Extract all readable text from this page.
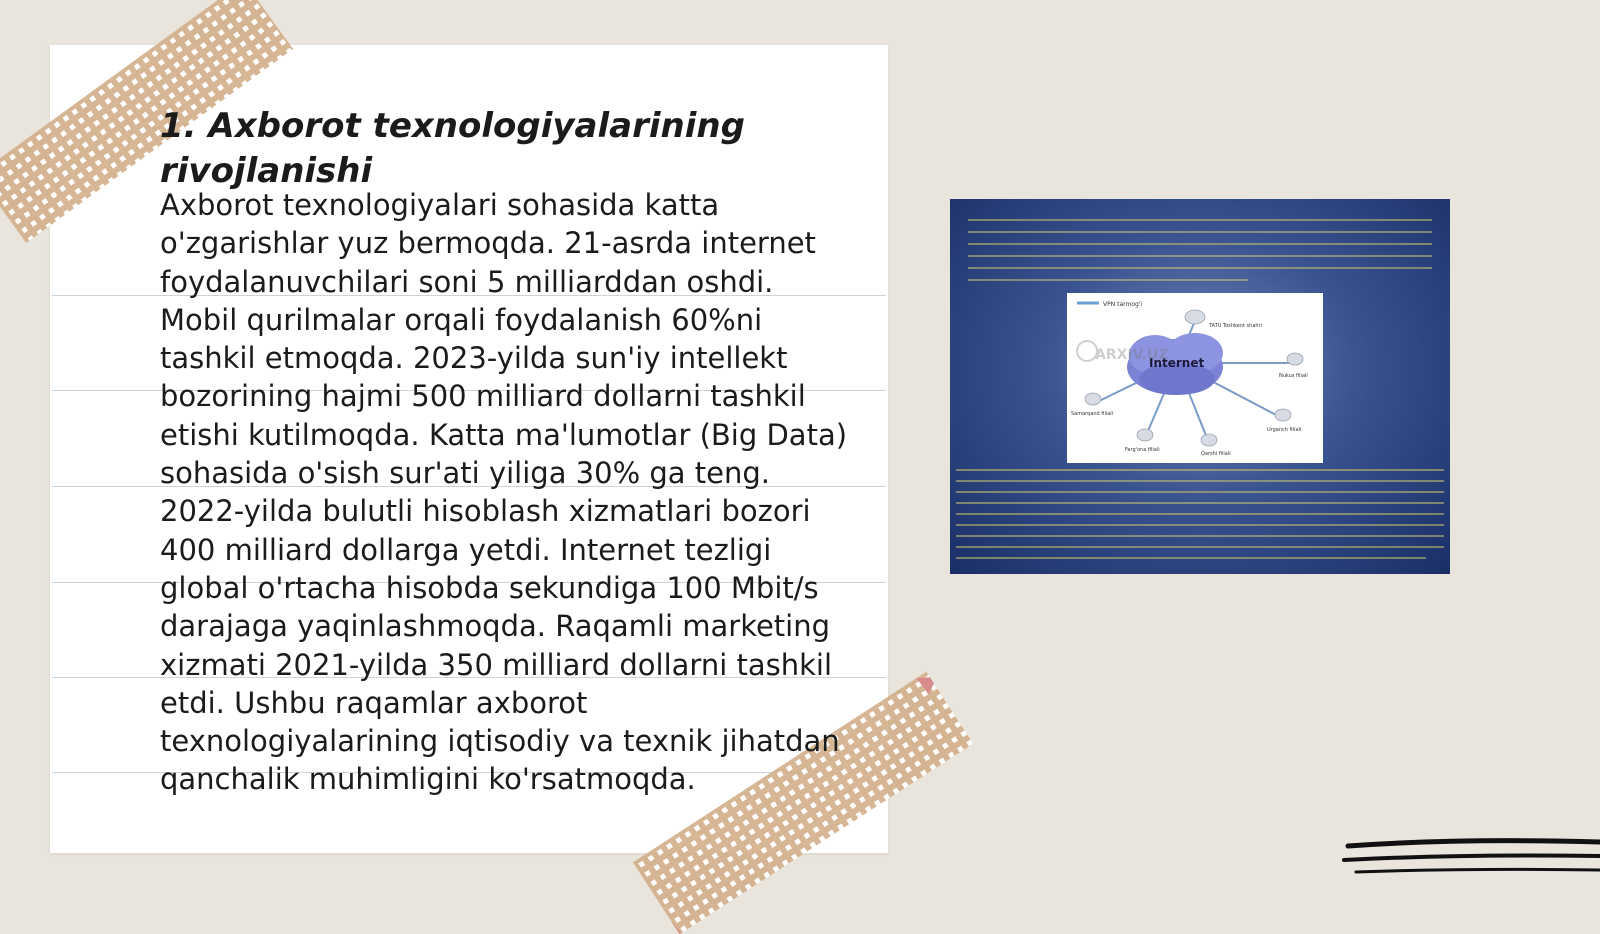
1. Axborot texnologiyalarining rivojlanishi

Axborot texnologiyalari sohasida katta o'zgarishlar yuz bermoqda. 21-asrda internet foydalanuvchilari soni 5 milliarddan oshdi. Mobil qurilmalar orqali foydalanish 60%ni tashkil etmoqda. 2023-yilda sun'iy intellekt bozorining hajmi 500 milliard dollarni tashkil etishi kutilmoqda. Katta ma'lumotlar (Big Data) sohasida o'sish sur'ati yiliga 30% ga teng. 2022-yilda bulutli hisoblash xizmatlari bozori 400 milliard dollarga yetdi. Internet tezligi global o'rtacha hisobda sekundiga 100 Mbit/s darajaga yaqinlashmoqda. Raqamli marketing xizmati 2021-yilda 350 milliard dollarni tashkil etdi. Ushbu raqamlar axborot texnologiyalarining iqtisodiy va texnik jihatdan qanchalik muhimligini ko'rsatmoqda.

VPN tarmog'i
Internet
TATU Toshkent shahri
Nukus filiali
Samarqand filiali
Urganch filiali
Farg'ona filiali
Qarshi filiali
ARXIV.UZ
